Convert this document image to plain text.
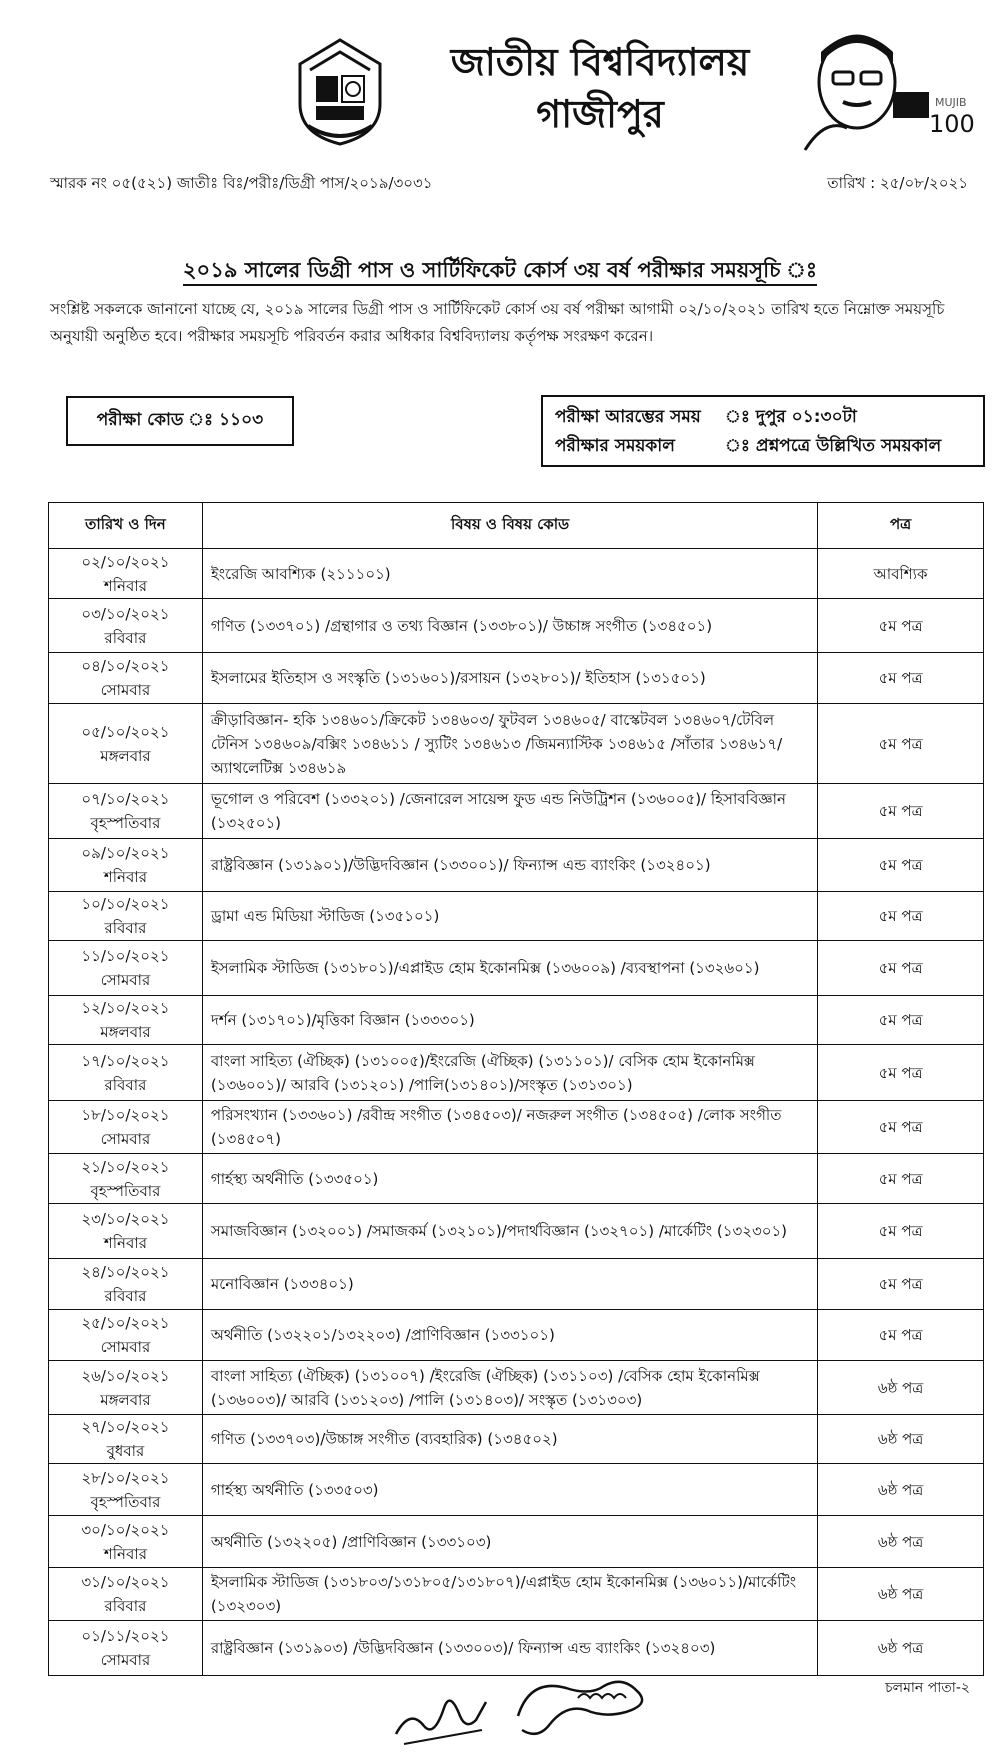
জাতীয় বিশ্ববিদ্যালয়
গাজীপুর	MUJIB
100
স্মারক নং ০৫(৫২১) জাতীঃ বিঃ/পরীঃ/ডিগ্রী পাস/২০১৯/৩০৩১	তারিখ : ২৫/০৮/২০২১
২০১৯ সালের ডিগ্রী পাস ও সার্টিফিকেট কোর্স ৩য় বর্ষ পরীক্ষার সময়সূচি ঃ
সংশ্লিষ্ট সকলকে জানানো যাচ্ছে যে, ২০১৯ সালের ডিগ্রী পাস ও সার্টিফিকেট কোর্স ৩য় বর্ষ পরীক্ষা আগামী ০২/১০/২০২১ তারিখ হতে নিম্নোক্ত সময়সূচি অনুযায়ী অনুষ্ঠিত হবে। পরীক্ষার সময়সূচি পরিবর্তন করার অধিকার বিশ্ববিদ্যালয় কর্তৃপক্ষ সংরক্ষণ করেন।
পরীক্ষা কোড ঃ ১১০৩	পরীক্ষা আরম্ভের সময়	ঃ দুপুর ০১:৩০টা
পরীক্ষার সময়কাল	ঃ প্রশ্নপত্রে উল্লিখিত সময়কাল
তারিখ ও দিন	বিষয় ও বিষয় কোড	পত্র

০২/১০/২০২১
শনিবার	ইংরেজি আবশ্যিক (২১১১০১)	আবশ্যিক

০৩/১০/২০২১
রবিবার	গণিত (১৩৩৭০১) /গ্রন্থাগার ও তথ্য বিজ্ঞান (১৩৩৮০১)/ উচ্চাঙ্গ সংগীত (১৩৪৫০১)	৫ম পত্র

০৪/১০/২০২১
সোমবার	ইসলামের ইতিহাস ও সংস্কৃতি (১৩১৬০১)/রসায়ন (১৩২৮০১)/ ইতিহাস (১৩১৫০১)	৫ম পত্র

০৫/১০/২০২১
মঙ্গলবার	ক্রীড়াবিজ্ঞান- হকি ১৩৪৬০১/ক্রিকেট ১৩৪৬০৩/ ফুটবল ১৩৪৬০৫/ বাস্কেটবল ১৩৪৬০৭/টেবিল টেনিস ১৩৪৬০৯/বক্সিং ১৩৪৬১১ / স্যুটিং ১৩৪৬১৩ /জিমন্যাস্টিক ১৩৪৬১৫ /সাঁতার ১৩৪৬১৭/অ্যাথলেটিক্স ১৩৪৬১৯	৫ম পত্র

০৭/১০/২০২১
বৃহস্পতিবার	ভূগোল ও পরিবেশ (১৩৩২০১) /জেনারেল সায়েন্স ফুড এন্ড নিউট্রিশন (১৩৬০০৫)/ হিসাববিজ্ঞান (১৩২৫০১)	৫ম পত্র

০৯/১০/২০২১
শনিবার	রাষ্ট্রবিজ্ঞান (১৩১৯০১)/উদ্ভিদবিজ্ঞান (১৩৩০০১)/ ফিন্যান্স এন্ড ব্যাংকিং (১৩২৪০১)	৫ম পত্র

১০/১০/২০২১
রবিবার	ড্রামা এন্ড মিডিয়া স্টাডিজ (১৩৫১০১)	৫ম পত্র

১১/১০/২০২১
সোমবার	ইসলামিক স্টাডিজ (১৩১৮০১)/এপ্লাইড হোম ইকোনমিক্স (১৩৬০০৯) /ব্যবস্থাপনা (১৩২৬০১)	৫ম পত্র

১২/১০/২০২১
মঙ্গলবার	দর্শন (১৩১৭০১)/মৃত্তিকা বিজ্ঞান (১৩৩৩০১)	৫ম পত্র

১৭/১০/২০২১
রবিবার	বাংলা সাহিত্য (ঐচ্ছিক) (১৩১০০৫)/ইংরেজি (ঐচ্ছিক) (১৩১১০১)/ বেসিক হোম ইকোনমিক্স (১৩৬০০১)/ আরবি (১৩১২০১) /পালি(১৩১৪০১)/সংস্কৃত (১৩১৩০১)	৫ম পত্র

১৮/১০/২০২১
সোমবার	পরিসংখ্যান (১৩৩৬০১) /রবীন্দ্র সংগীত (১৩৪৫০৩)/ নজরুল সংগীত (১৩৪৫০৫) /লোক সংগীত (১৩৪৫০৭)	৫ম পত্র

২১/১০/২০২১
বৃহস্পতিবার	গার্হস্থ্য অর্থনীতি (১৩৩৫০১)	৫ম পত্র

২৩/১০/২০২১
শনিবার	সমাজবিজ্ঞান (১৩২০০১) /সমাজকর্ম (১৩২১০১)/পদার্থবিজ্ঞান (১৩২৭০১) /মার্কেটিং (১৩২৩০১)	৫ম পত্র

২৪/১০/২০২১
রবিবার	মনোবিজ্ঞান (১৩৩৪০১)	৫ম পত্র

২৫/১০/২০২১
সোমবার	অর্থনীতি (১৩২২০১/১৩২২০৩) /প্রাণিবিজ্ঞান (১৩৩১০১)	৫ম পত্র

২৬/১০/২০২১
মঙ্গলবার	বাংলা সাহিত্য (ঐচ্ছিক) (১৩১০০৭) /ইংরেজি (ঐচ্ছিক) (১৩১১০৩) /বেসিক হোম ইকোনমিক্স (১৩৬০০৩)/ আরবি (১৩১২০৩) /পালি (১৩১৪০৩)/ সংস্কৃত (১৩১৩০৩)	৬ষ্ঠ পত্র

২৭/১০/২০২১
বুধবার	গণিত (১৩৩৭০৩)/উচ্চাঙ্গ সংগীত (ব্যবহারিক) (১৩৪৫০২)	৬ষ্ঠ পত্র

২৮/১০/২০২১
বৃহস্পতিবার	গার্হস্থ্য অর্থনীতি (১৩৩৫০৩)	৬ষ্ঠ পত্র

৩০/১০/২০২১
শনিবার	অর্থনীতি (১৩২২০৫) /প্রাণিবিজ্ঞান (১৩৩১০৩)	৬ষ্ঠ পত্র

৩১/১০/২০২১
রবিবার	ইসলামিক স্টাডিজ (১৩১৮০৩/১৩১৮০৫/১৩১৮০৭)/এপ্লাইড হোম ইকোনমিক্স (১৩৬০১১)/মার্কেটিং (১৩২৩০৩)	৬ষ্ঠ পত্র

০১/১১/২০২১
সোমবার	রাষ্ট্রবিজ্ঞান (১৩১৯০৩) /উদ্ভিদবিজ্ঞান (১৩৩০০৩)/ ফিন্যান্স এন্ড ব্যাংকিং (১৩২৪০৩)	৬ষ্ঠ পত্র
চলমান পাতা-২
